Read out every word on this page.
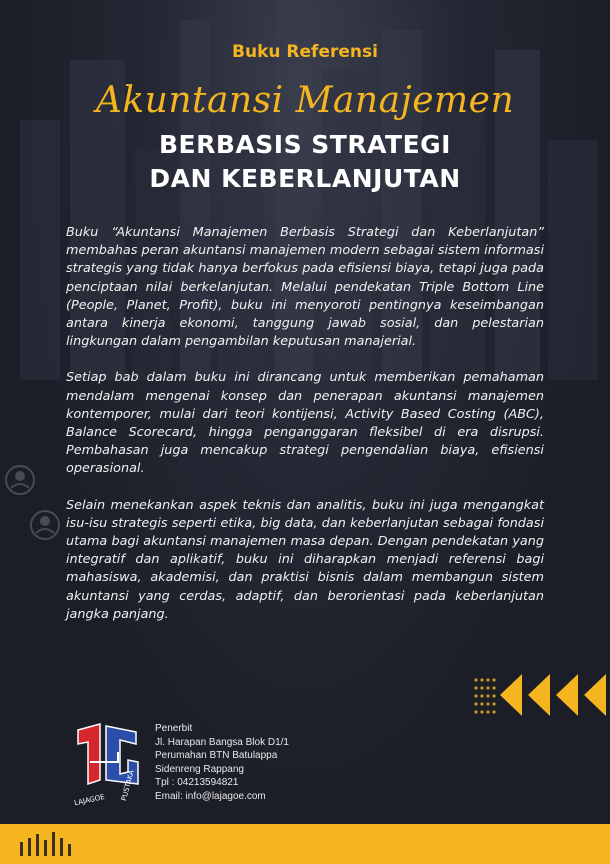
Buku Referensi
Akuntansi Manajemen
BERBASIS STRATEGI
DAN KEBERLANJUTAN

Buku “Akuntansi Manajemen Berbasis Strategi dan Keberlanjutan” membahas peran akuntansi manajemen modern sebagai sistem informasi strategis yang tidak hanya berfokus pada efisiensi biaya, tetapi juga pada penciptaan nilai berkelanjutan. Melalui pendekatan Triple Bottom Line (People, Planet, Profit), buku ini menyoroti pentingnya keseimbangan antara kinerja ekonomi, tanggung jawab sosial, dan pelestarian lingkungan dalam pengambilan keputusan manajerial.

Setiap bab dalam buku ini dirancang untuk memberikan pemahaman mendalam mengenai konsep dan penerapan akuntansi manajemen kontemporer, mulai dari teori kontijensi, Activity Based Costing (ABC), Balance Scorecard, hingga penganggaran fleksibel di era disrupsi. Pembahasan juga mencakup strategi pengendalian biaya, efisiensi operasional.

Selain menekankan aspek teknis dan analitis, buku ini juga mengangkat isu-isu strategis seperti etika, big data, dan keberlanjutan sebagai fondasi utama bagi akuntansi manajemen masa depan. Dengan pendekatan yang integratif dan aplikatif, buku ini diharapkan menjadi referensi bagi mahasiswa, akademisi, dan praktisi bisnis dalam membangun sistem akuntansi yang cerdas, adaptif, dan berorientasi pada keberlanjutan jangka panjang.

LAJAGOE PUSTAKA
Penerbit
Jl. Harapan Bangsa Blok D1/1
Perumahan BTN Batulappa
Sidenreng Rappang
Tpl : 04213594821
Email: info@lajagoe.com
